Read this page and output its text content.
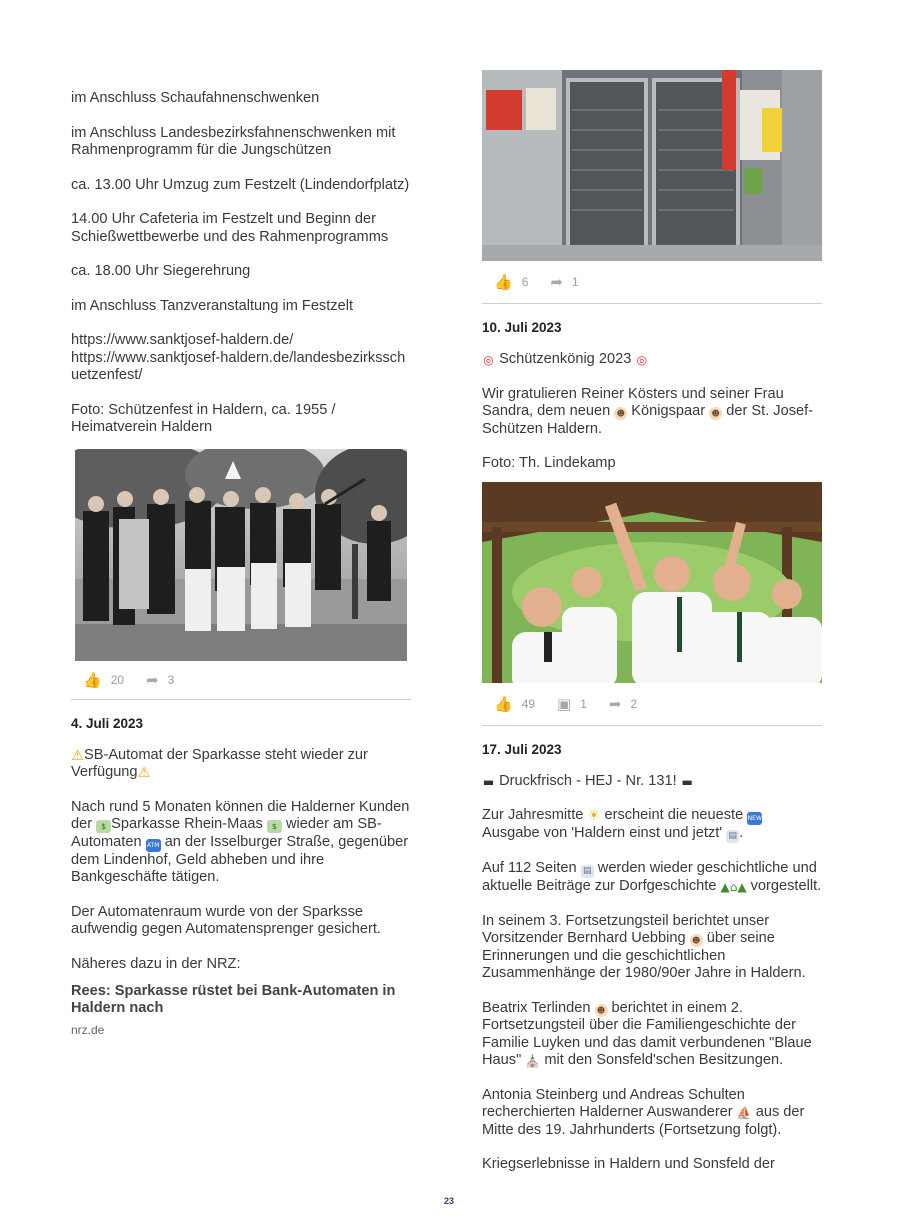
im Anschluss Schaufahnenschwenken

im Anschluss Landesbezirksfahnenschwenken mit Rahmenprogramm für die Jungschützen

ca. 13.00 Uhr Umzug zum Festzelt (Lindendorfplatz)

14.00 Uhr Cafeteria im Festzelt und Beginn der Schießwettbewerbe und des Rahmenprogramms

ca. 18.00 Uhr Siegerehrung

im Anschluss Tanzveranstaltung im Festzelt

https://www.sanktjosef-haldern.de/
https://www.sanktjosef-haldern.de/landesbezirksschuetzenfest/

Foto: Schützenfest in Haldern, ca. 1955 / Heimatverein Haldern

👍 20 ➦ 3
4. Juli 2023

⚠SB-Automat der Sparkasse steht wieder zur Verfügung⚠

Nach rund 5 Monaten können die Halderner Kunden der $ Sparkasse Rhein-Maas $ wieder am SB-Automaten ATM an der Isselburger Straße, gegenüber dem Lindenhof, Geld abheben und ihre Bankgeschäfte tätigen.

Der Automatenraum wurde von der Sparksse aufwendig gegen Automatensprenger gesichert.

Näheres dazu in der NRZ:

Rees: Sparkasse rüstet bei Bank-Automaten in Haldern nach
nrz.de
👍 6 ➦ 1
10. Juli 2023

◎ Schützenkönig 2023 ◎

Wir gratulieren Reiner Kösters und seiner Frau Sandra, dem neuen ☻ Königspaar ☻ der St. Josef-Schützen Haldern.

Foto: Th. Lindekamp

👍 49 ▣ 1 ➦ 2
17. Juli 2023

▬ Druckfrisch - HEJ - Nr. 131! ▬

Zur Jahresmitte ☀ erscheint die neueste NEW Ausgabe von 'Haldern einst und jetzt' ▤ .

Auf 112 Seiten ▤ werden wieder geschichtliche und aktuelle Beiträge zur Dorfgeschichte ▲⌂▲ vorgestellt.

In seinem 3. Fortsetzungsteil berichtet unser Vorsitzender Bernhard Uebbing ☻ über seine Erinnerungen und die geschichtlichen Zusammenhänge der 1980/90er Jahre in Haldern.

Beatrix Terlinden ☻ berichtet in einem 2. Fortsetzungsteil über die Familiengeschichte der Familie Luyken und das damit verbundenen "Blaue Haus" ⛪ mit den Sonsfeld'schen Besitzungen.

Antonia Steinberg und Andreas Schulten recherchierten Halderner Auswanderer ⛵ aus der Mitte des 19. Jahrhunderts (Fortsetzung folgt).

Kriegserlebnisse in Haldern und Sonsfeld der

23
